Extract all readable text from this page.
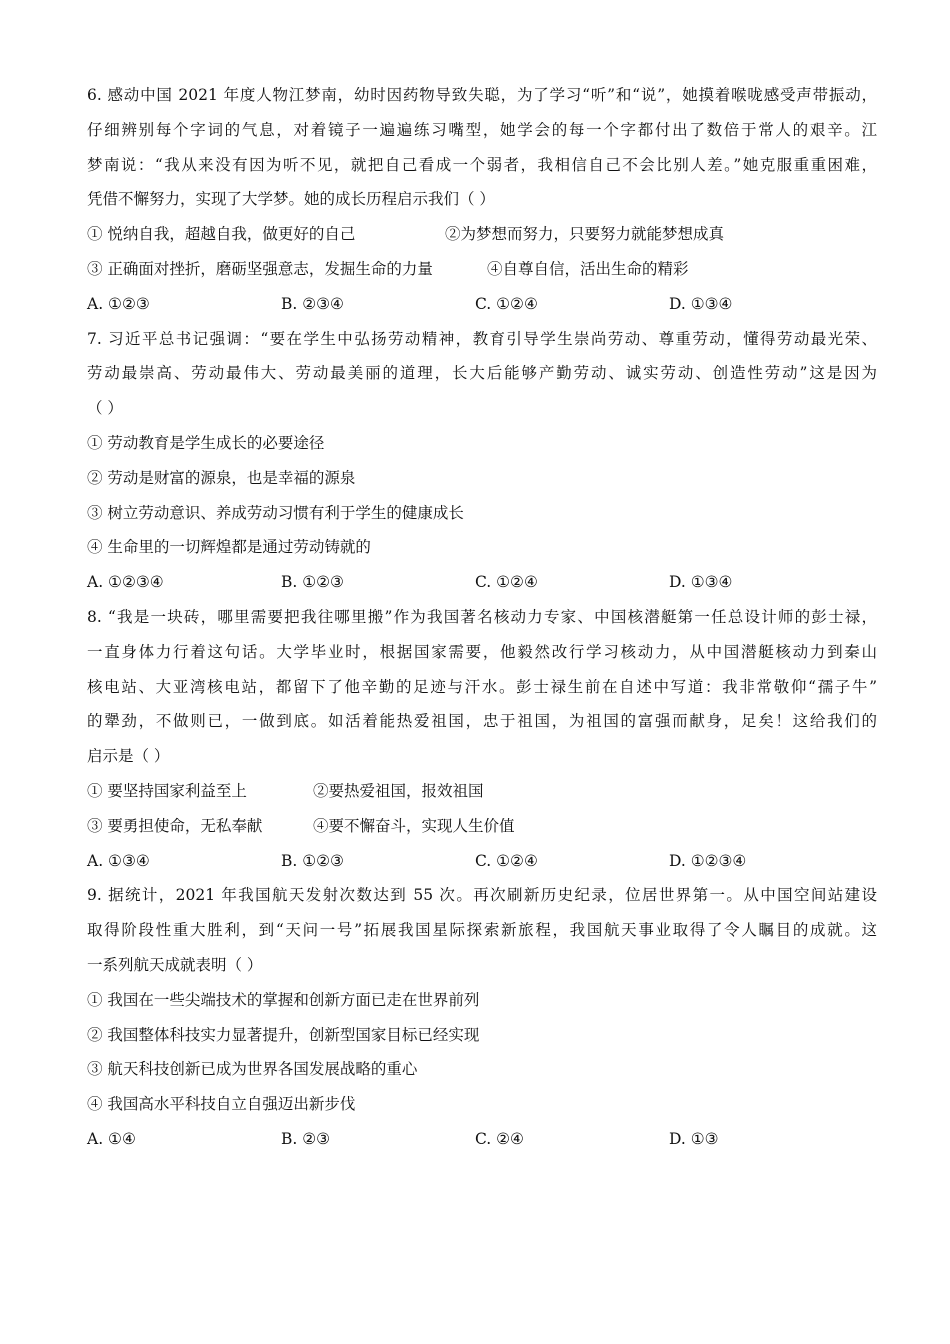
6. 感动中国 2021 年度人物江梦南，幼时因药物导致失聪，为了学习“听”和“说”，她摸着喉咙感受声带振动，
仔细辨别每个字词的气息，对着镜子一遍遍练习嘴型，她学会的每一个字都付出了数倍于常人的艰辛。江
梦南说：“我从来没有因为听不见，就把自己看成一个弱者，我相信自己不会比别人差。”她克服重重困难，
凭借不懈努力，实现了大学梦。她的成长历程启示我们（ ）
① 悦纳自我，超越自我，做更好的自己	②为梦想而努力，只要努力就能梦想成真
③ 正确面对挫折，磨砺坚强意志，发掘生命的力量	④自尊自信，活出生命的精彩
A. ①②③	B. ②③④	C. ①②④	D. ①③④
7. 习近平总书记强调：“要在学生中弘扬劳动精神，教育引导学生崇尚劳动、尊重劳动，懂得劳动最光荣、
劳动最崇高、劳动最伟大、劳动最美丽的道理，长大后能够产勤劳动、诚实劳动、创造性劳动”这是因为
（ ）
① 劳动教育是学生成长的必要途径
② 劳动是财富的源泉，也是幸福的源泉
③ 树立劳动意识、养成劳动习惯有利于学生的健康成长
④ 生命里的一切辉煌都是通过劳动铸就的
A. ①②③④	B. ①②③	C. ①②④	D. ①③④
8. “我是一块砖，哪里需要把我往哪里搬”作为我国著名核动力专家、中国核潜艇第一任总设计师的彭士禄，
一直身体力行着这句话。大学毕业时，根据国家需要，他毅然改行学习核动力，从中国潜艇核动力到秦山
核电站、大亚湾核电站，都留下了他辛勤的足迹与汗水。彭士禄生前在自述中写道：我非常敬仰“孺子牛”
的犟劲，不做则已，一做到底。如活着能热爱祖国，忠于祖国，为祖国的富强而献身，足矣！这给我们的
启示是（ ）
① 要坚持国家利益至上	②要热爱祖国，报效祖国
③ 要勇担使命，无私奉献	④要不懈奋斗，实现人生价值
A. ①③④	B. ①②③	C. ①②④	D. ①②③④
9. 据统计，2021 年我国航天发射次数达到 55 次。再次刷新历史纪录，位居世界第一。从中国空间站建设
取得阶段性重大胜利，到“天问一号”拓展我国星际探索新旅程，我国航天事业取得了令人瞩目的成就。这
一系列航天成就表明（ ）
① 我国在一些尖端技术的掌握和创新方面已走在世界前列
② 我国整体科技实力显著提升，创新型国家目标已经实现
③ 航天科技创新已成为世界各国发展战略的重心
④ 我国高水平科技自立自强迈出新步伐
A. ①④	B. ②③	C. ②④	D. ①③
